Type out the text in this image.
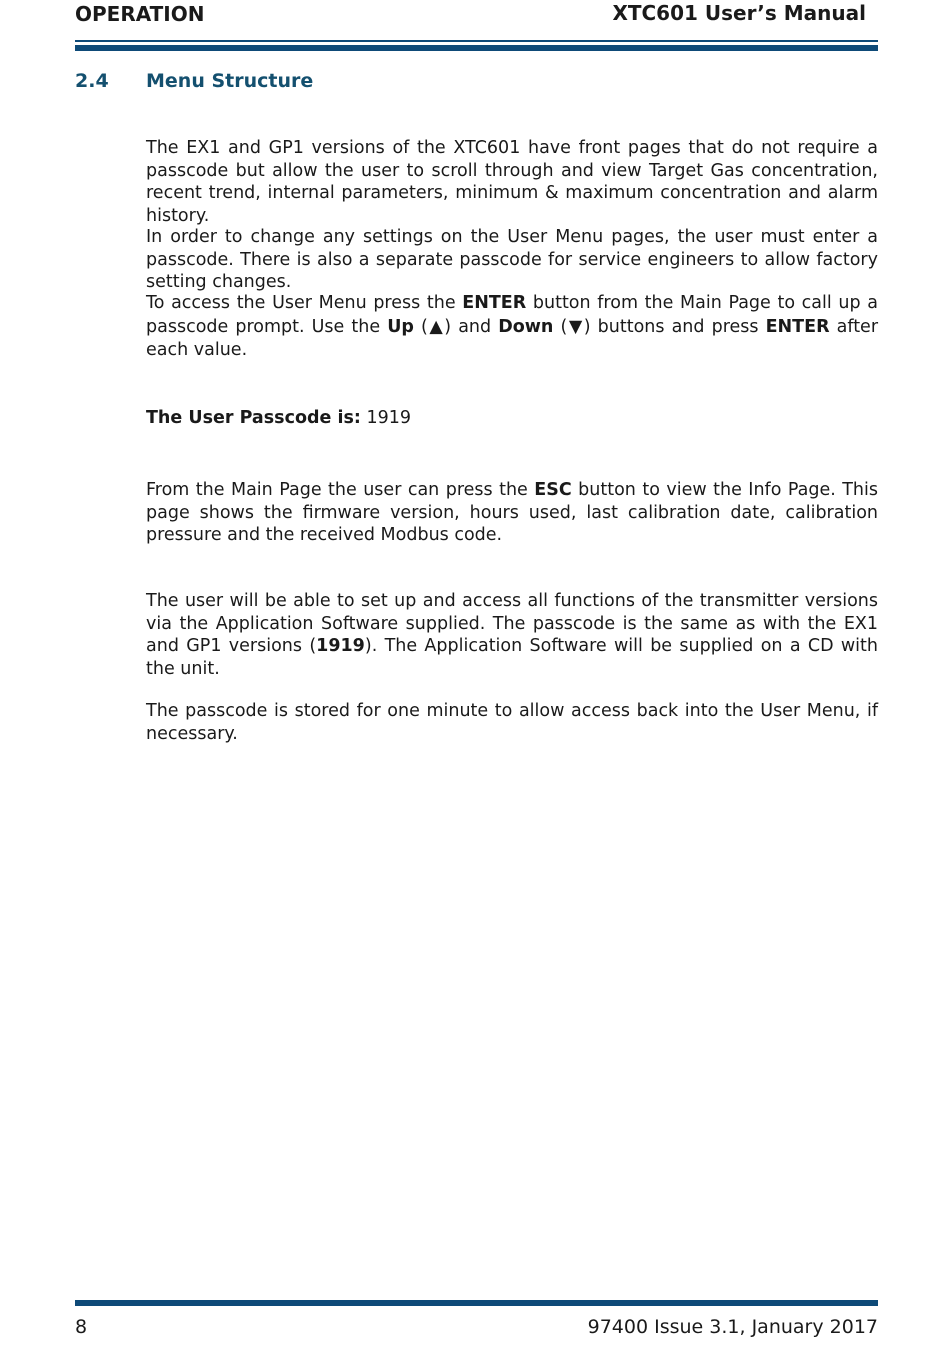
OPERATION	XTC601 User’s Manual
2.4 Menu Structure

The EX1 and GP1 versions of the XTC601 have front pages that do not require a passcode but allow the user to scroll through and view Target Gas concentration, recent trend, internal parameters, minimum & maximum concentration and alarm history.

In order to change any settings on the User Menu pages, the user must enter a passcode. There is also a separate passcode for service engineers to allow factory setting changes.

To access the User Menu press the ENTER button from the Main Page to call up a passcode prompt. Use the Up (▲) and Down (▼) buttons and press ENTER after each value.

The User Passcode is: 1919

From the Main Page the user can press the ESC button to view the Info Page. This page shows the firmware version, hours used, last calibration date, calibration pressure and the received Modbus code.

The user will be able to set up and access all functions of the transmitter versions via the Application Software supplied. The passcode is the same as with the EX1 and GP1 versions (1919). The Application Software will be supplied on a CD with the unit.

The passcode is stored for one minute to allow access back into the User Menu, if necessary.

8	97400 Issue 3.1, January 2017
